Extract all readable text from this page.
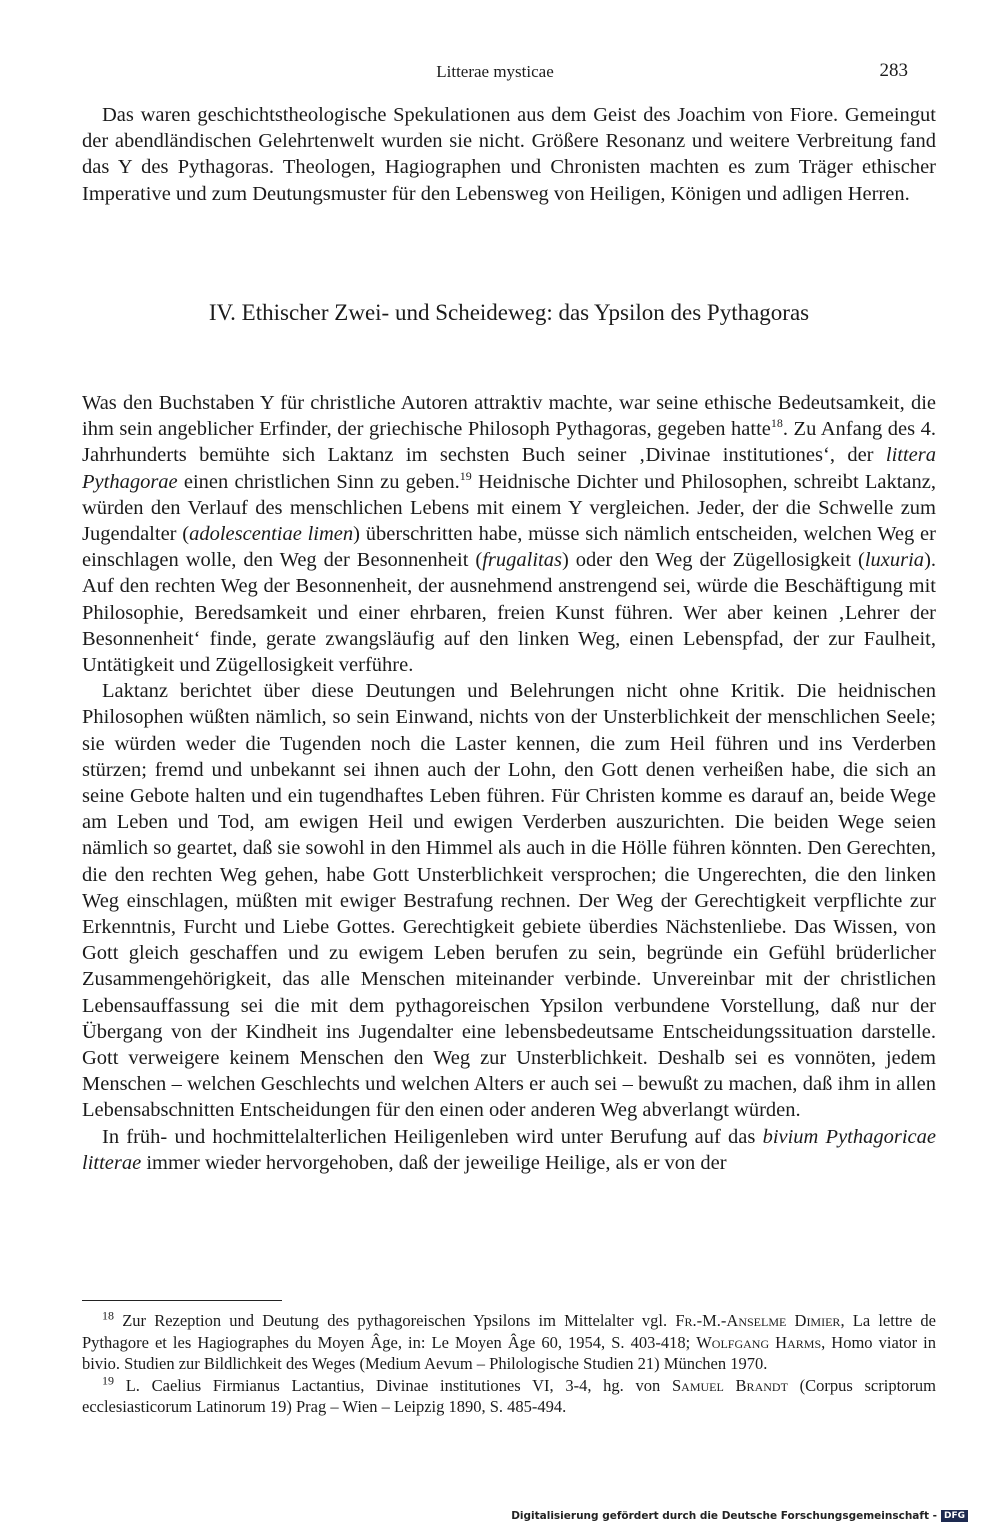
Litterae mysticae	283

Das waren geschichtstheologische Spekulationen aus dem Geist des Joachim von Fiore. Gemeingut der abendländischen Gelehrtenwelt wurden sie nicht. Größere Resonanz und weitere Verbreitung fand das Y des Pythagoras. Theologen, Hagiographen und Chronisten machten es zum Träger ethischer Imperative und zum Deutungsmuster für den Lebensweg von Heiligen, Königen und adligen Herren.

IV. Ethischer Zwei- und Scheideweg: das Ypsilon des Pythagoras

Was den Buchstaben Y für christliche Autoren attraktiv machte, war seine ethische Bedeutsamkeit, die ihm sein angeblicher Erfinder, der griechische Philosoph Pythagoras, gegeben hatte$^{18}$. Zu Anfang des 4. Jahrhunderts bemühte sich Laktanz im sechsten Buch seiner ‚Divinae institutiones‘, der littera Pythagorae einen christlichen Sinn zu geben.$^{19}$ Heidnische Dichter und Philosophen, schreibt Laktanz, würden den Verlauf des menschlichen Lebens mit einem Y vergleichen. Jeder, der die Schwelle zum Jugendalter (adolescentiae limen) überschritten habe, müsse sich nämlich entscheiden, welchen Weg er einschlagen wolle, den Weg der Besonnenheit (frugalitas) oder den Weg der Zügellosigkeit (luxuria). Auf den rechten Weg der Besonnenheit, der ausnehmend anstrengend sei, würde die Beschäftigung mit Philosophie, Beredsamkeit und einer ehrbaren, freien Kunst führen. Wer aber keinen ‚Lehrer der Besonnenheit‘ finde, gerate zwangsläufig auf den linken Weg, einen Lebenspfad, der zur Faulheit, Untätigkeit und Zügellosigkeit verführe.

Laktanz berichtet über diese Deutungen und Belehrungen nicht ohne Kritik. Die heidnischen Philosophen wüßten nämlich, so sein Einwand, nichts von der Unsterblichkeit der menschlichen Seele; sie würden weder die Tugenden noch die Laster kennen, die zum Heil führen und ins Verderben stürzen; fremd und unbekannt sei ihnen auch der Lohn, den Gott denen verheißen habe, die sich an seine Gebote halten und ein tugendhaftes Leben führen. Für Christen komme es darauf an, beide Wege am Leben und Tod, am ewigen Heil und ewigen Verderben auszurichten. Die beiden Wege seien nämlich so geartet, daß sie sowohl in den Himmel als auch in die Hölle führen könnten. Den Gerechten, die den rechten Weg gehen, habe Gott Unsterblichkeit versprochen; die Ungerechten, die den linken Weg einschlagen, müßten mit ewiger Bestrafung rechnen. Der Weg der Gerechtigkeit verpflichte zur Erkenntnis, Furcht und Liebe Gottes. Gerechtigkeit gebiete überdies Nächstenliebe. Das Wissen, von Gott gleich geschaffen und zu ewigem Leben berufen zu sein, begründe ein Gefühl brüderlicher Zusammengehörigkeit, das alle Menschen miteinander verbinde. Unvereinbar mit der christlichen Lebensauffassung sei die mit dem pythagoreischen Ypsilon verbundene Vorstellung, daß nur der Übergang von der Kindheit ins Jugendalter eine lebensbedeutsame Entscheidungssituation darstelle. Gott verweigere keinem Menschen den Weg zur Unsterblichkeit. Deshalb sei es vonnöten, jedem Menschen – welchen Geschlechts und welchen Alters er auch sei – bewußt zu machen, daß ihm in allen Lebensabschnitten Entscheidungen für den einen oder anderen Weg abverlangt würden.

In früh- und hochmittelalterlichen Heiligenleben wird unter Berufung auf das bivium Pythagoricae litterae immer wieder hervorgehoben, daß der jeweilige Heilige, als er von der

$^{18}$ Zur Rezeption und Deutung des pythagoreischen Ypsilons im Mittelalter vgl. Fr.-M.-Anselme Dimier, La lettre de Pythagore et les Hagiographes du Moyen Âge, in: Le Moyen Âge 60, 1954, S. 403-418; Wolfgang Harms, Homo viator in bivio. Studien zur Bildlichkeit des Weges (Medium Aevum – Philologische Studien 21) München 1970.

$^{19}$ L. Caelius Firmianus Lactantius, Divinae institutiones VI, 3-4, hg. von Samuel Brandt (Corpus scriptorum ecclesiasticorum Latinorum 19) Prag – Wien – Leipzig 1890, S. 485-494.

Digitalisierung gefördert durch die Deutsche Forschungsgemeinschaft - DFG
